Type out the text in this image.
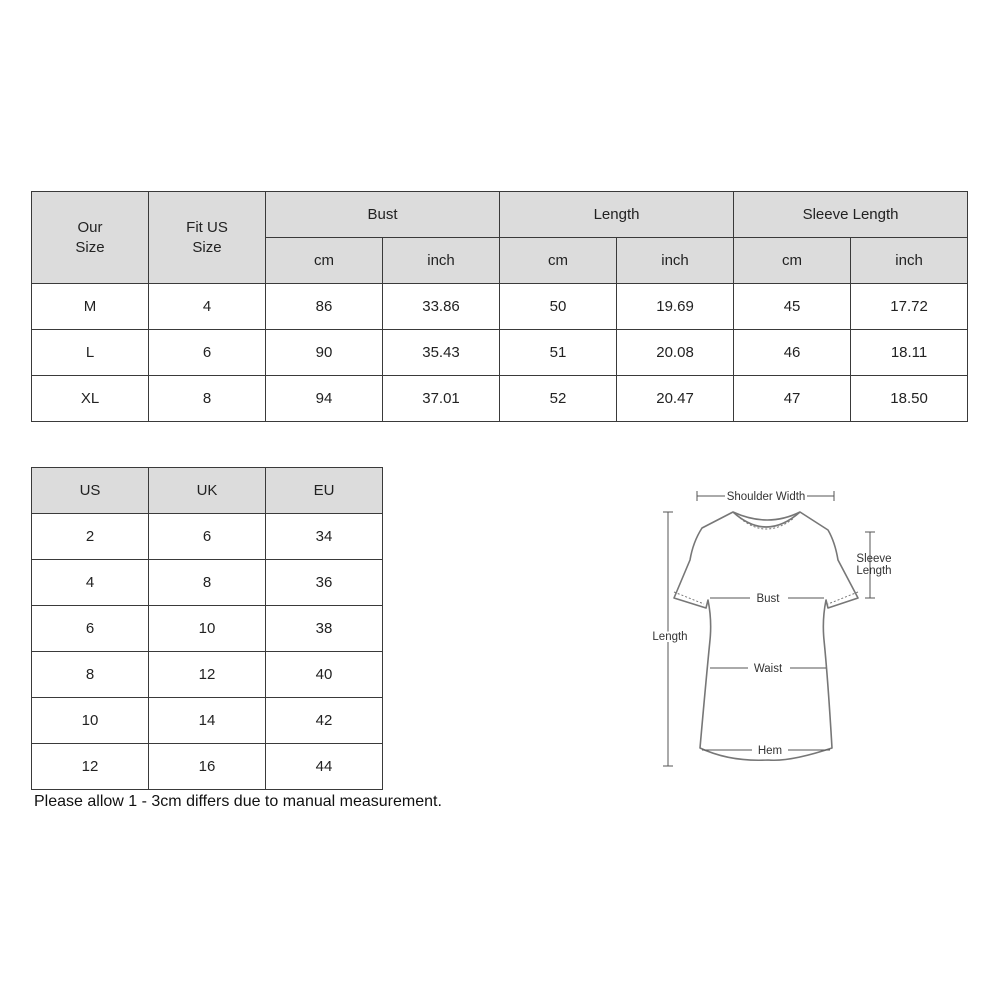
Our Size	Fit US Size	Bust		Length		Sleeve Length	
		cm	inch	cm	inch	cm	inch
M	4	86	33.86	50	19.69	45	17.72
L	6	90	35.43	51	20.08	46	18.11
XL	8	94	37.01	52	20.47	47	18.50
US	UK	EU
2	6	34
4	8	36
6	10	38
8	12	40
10	14	42
12	16	44
Please allow 1 - 3cm differs due to manual measurement.
Shoulder Width
Sleeve
Length
Length
Bust
Waist
Hem
